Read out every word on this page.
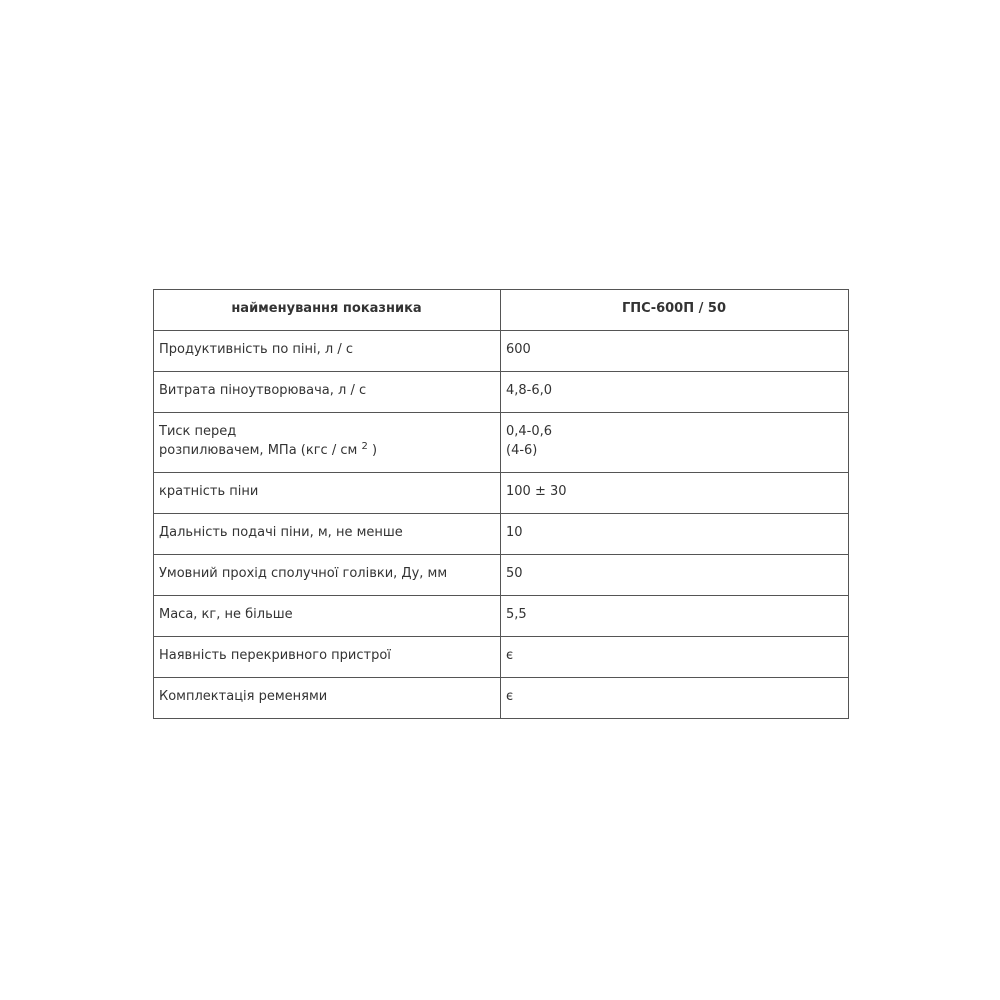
найменування показника	ГПС-600П / 50
Продуктивність по піні, л / с	600
Витрата піноутворювача, л / с	4,8-6,0

Тиск перед
розпилювачем, МПа (кгс / см $^2$ )	0,4-0,6
(4-6)

кратність піни	100 ± 30
Дальність подачі піни, м, не менше	10
Умовний прохід сполучної голівки, Ду, мм	50
Маса, кг, не більше	5,5
Наявність перекривного пристрої	є
Комплектація ременями	є
